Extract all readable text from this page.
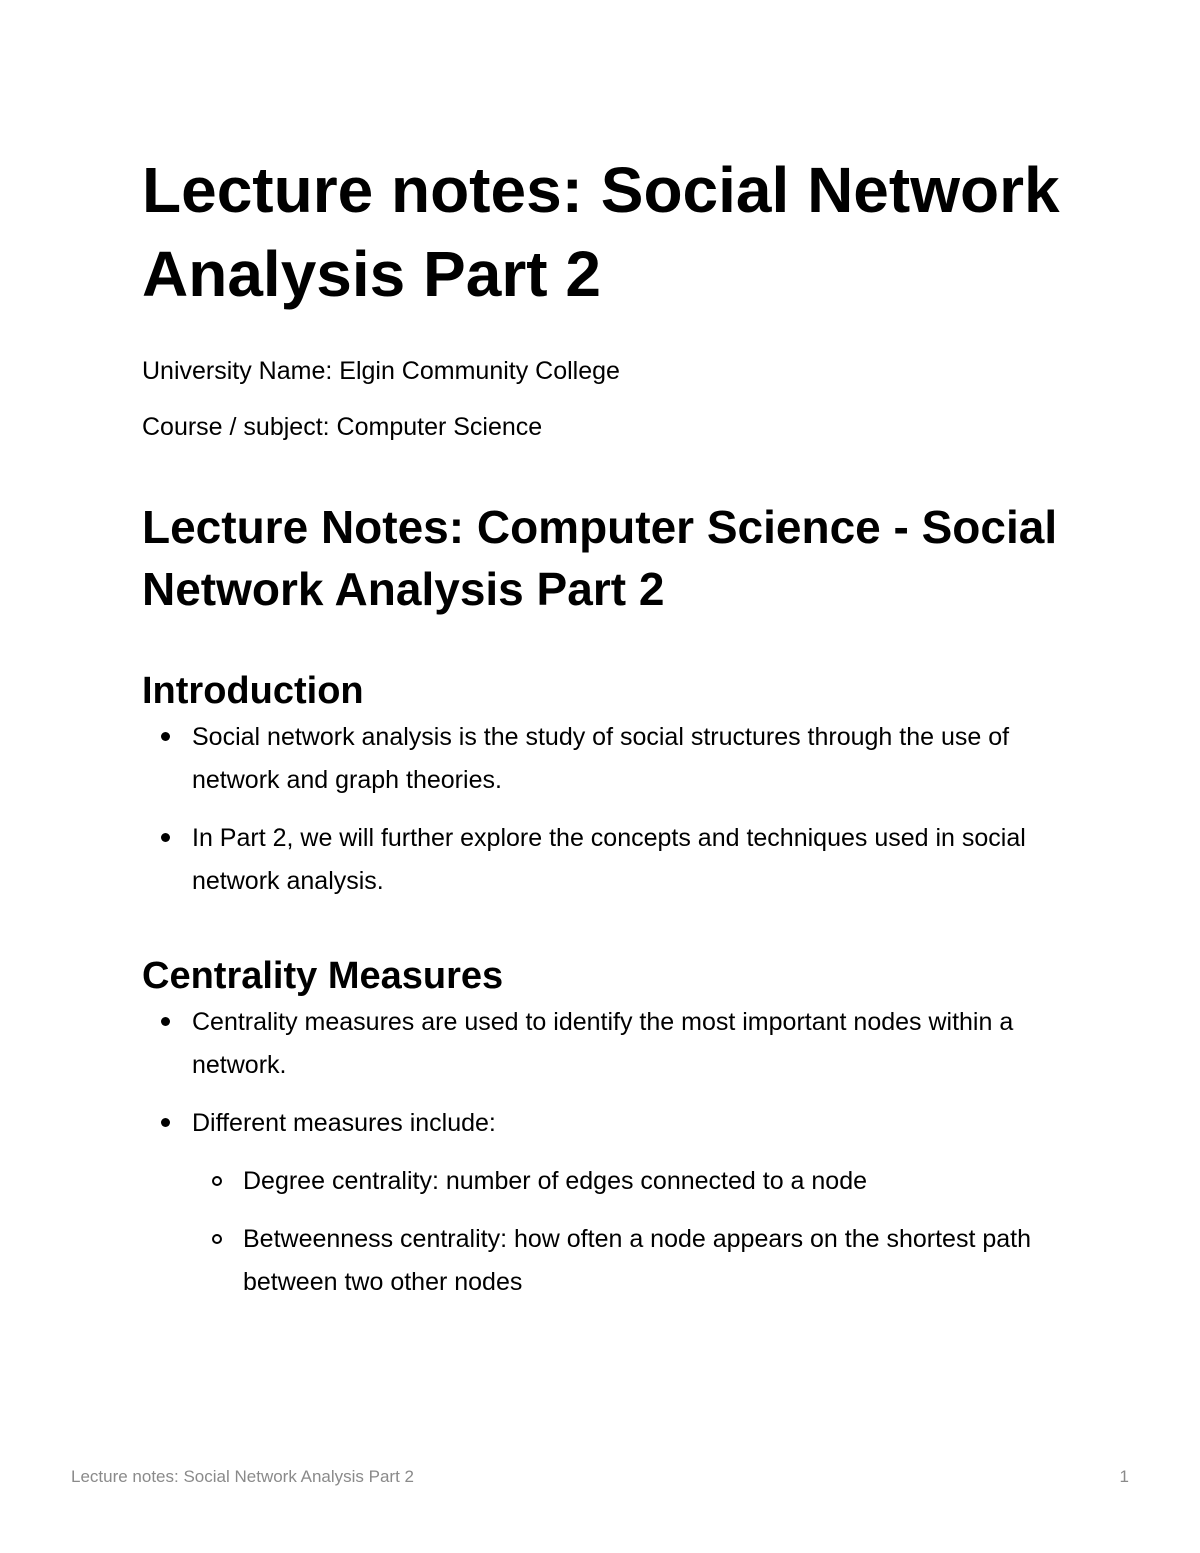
Lecture notes: Social Network Analysis Part 2

University Name: Elgin Community College

Course / subject: Computer Science

Lecture Notes: Computer Science - Social Network Analysis Part 2
Introduction
Social network analysis is the study of social structures through the use of network and graph theories.
In Part 2, we will further explore the concepts and techniques used in social network analysis.
Centrality Measures
Centrality measures are used to identify the most important nodes within a network.
Different measures include:
Degree centrality: number of edges connected to a node
Betweenness centrality: how often a node appears on the shortest path between two other nodes
Lecture notes: Social Network Analysis Part 2	1
